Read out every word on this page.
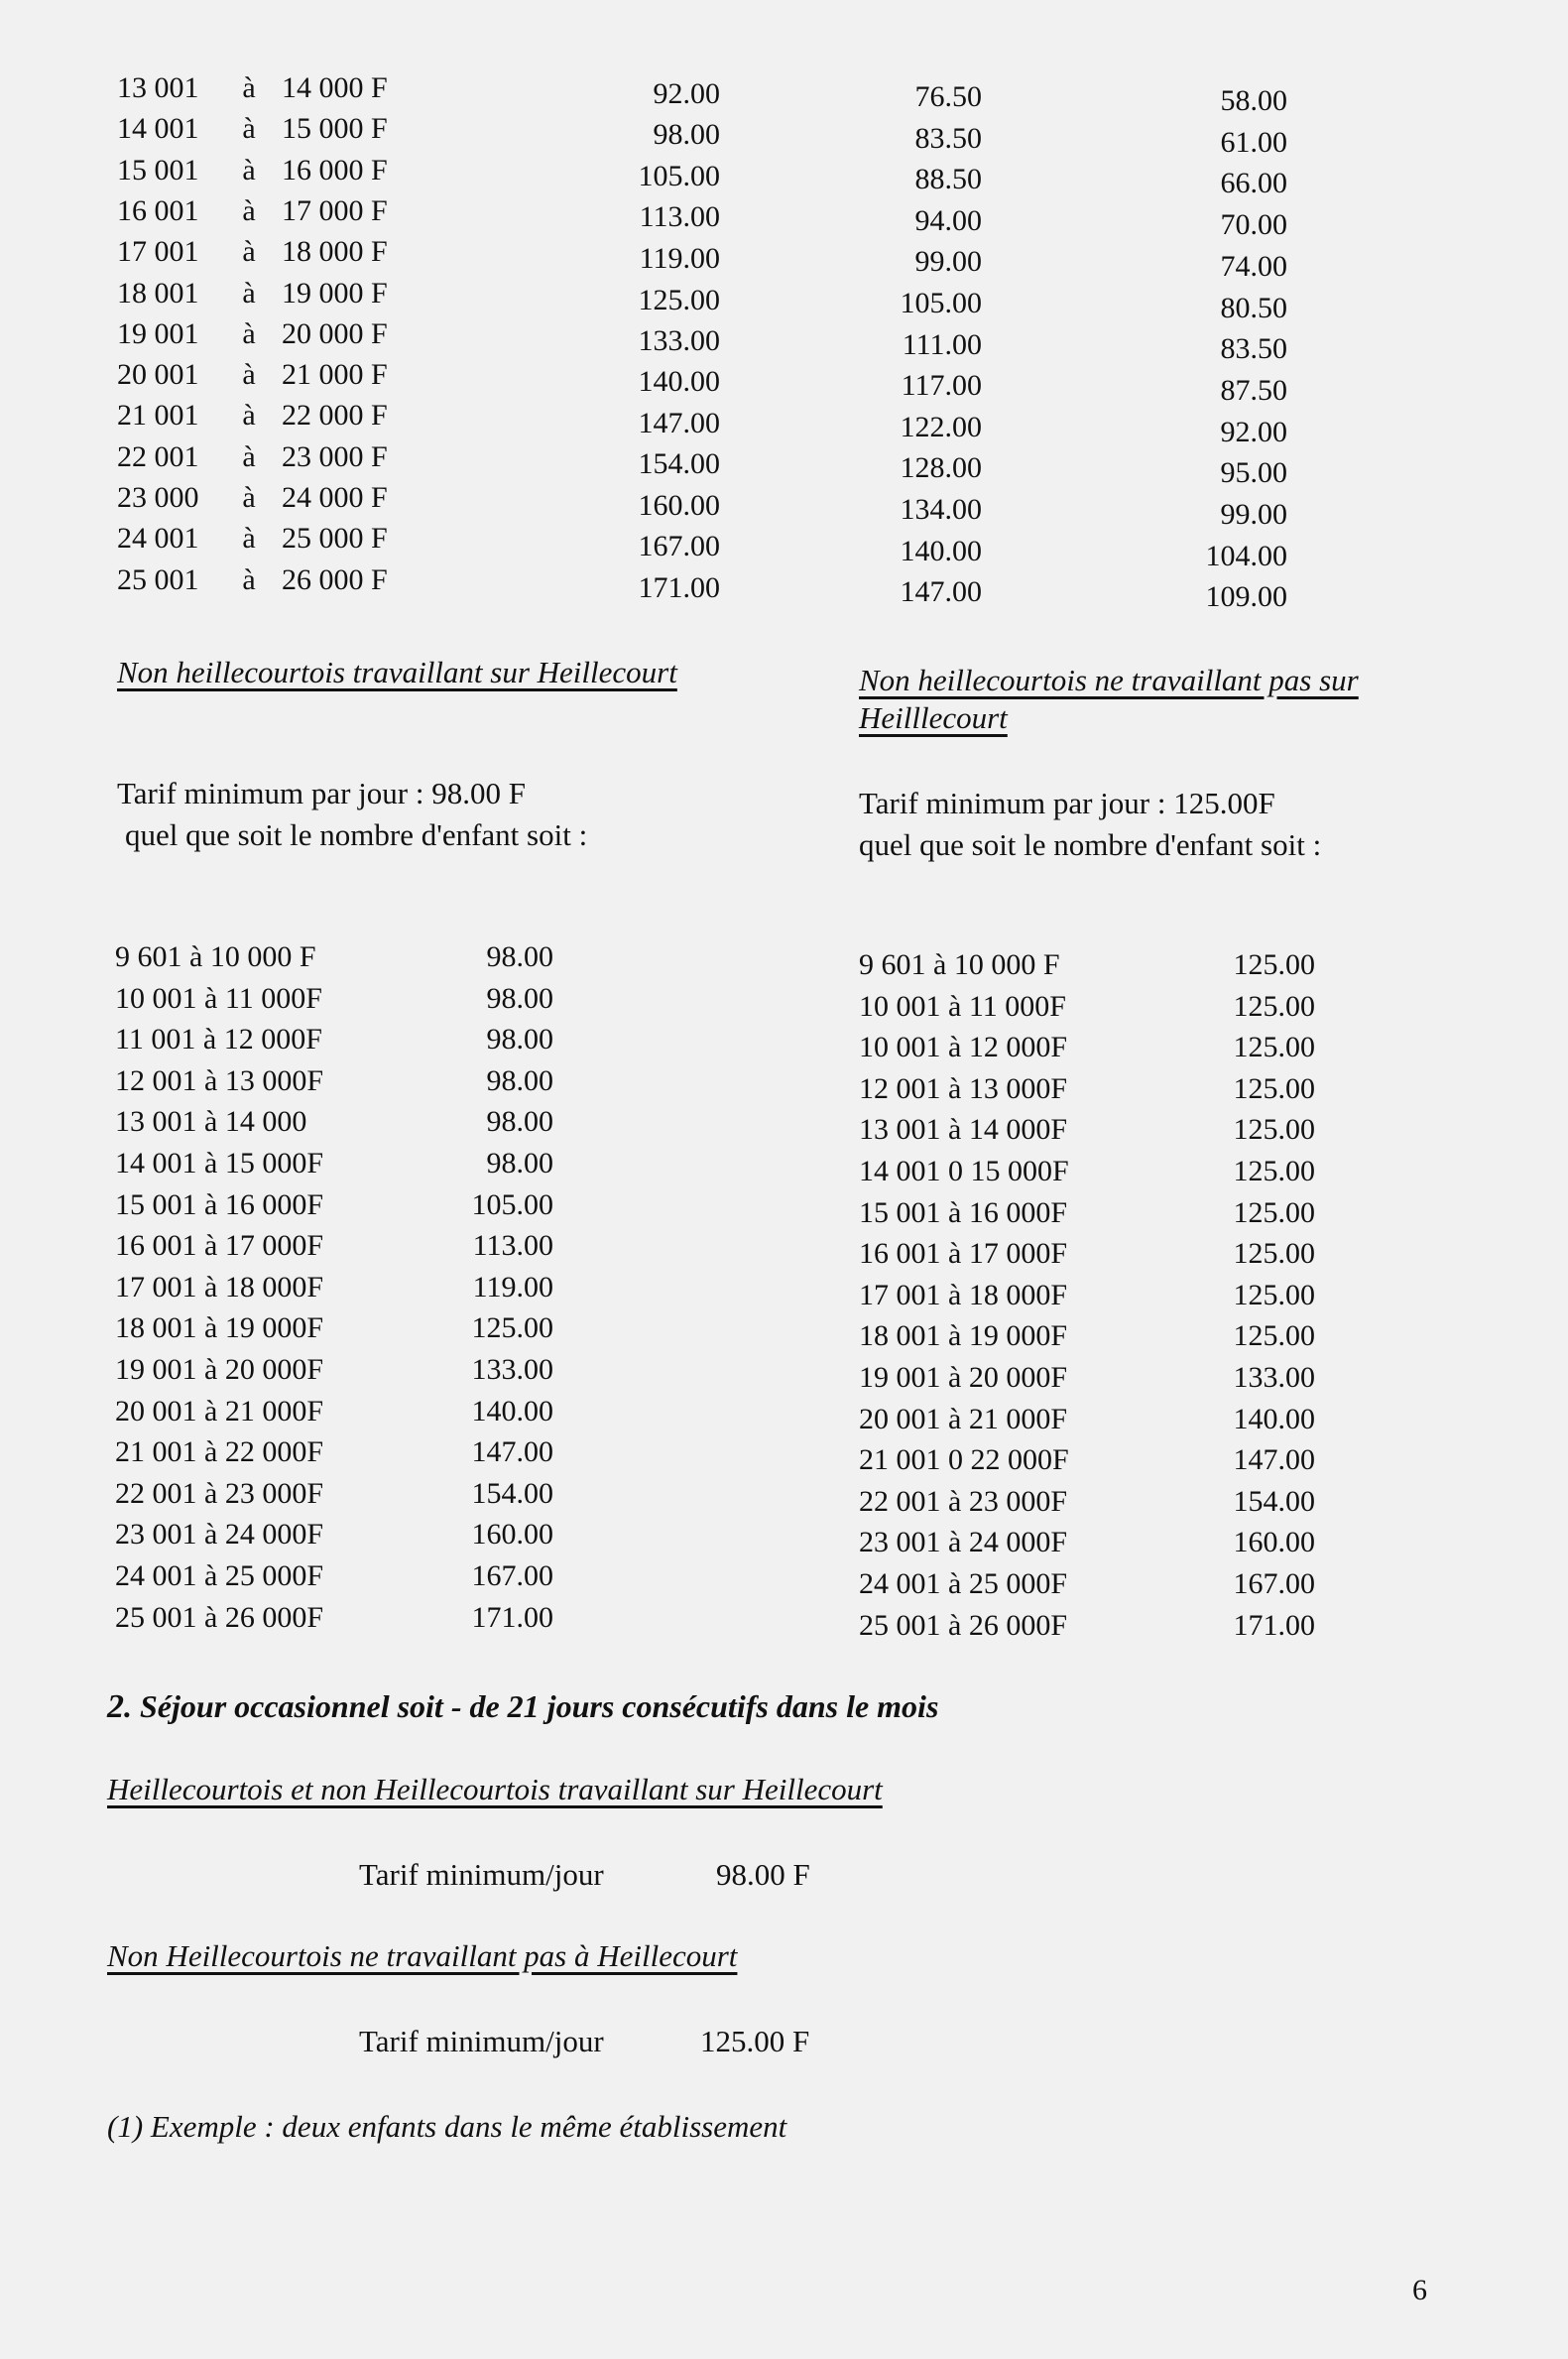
13 001 à 14 000 F	92.00	76.50	58.00
14 001 à 15 000 F	98.00	83.50	61.00
15 001 à 16 000 F	105.00	88.50	66.00
16 001 à 17 000 F	113.00	94.00	70.00
17 001 à 18 000 F	119.00	99.00	74.00
18 001 à 19 000 F	125.00	105.00	80.50
19 001 à 20 000 F	133.00	111.00	83.50
20 001 à 21 000 F	140.00	117.00	87.50
21 001 à 22 000 F	147.00	122.00	92.00
22 001 à 23 000 F	154.00	128.00	95.00
23 000 à 24 000 F	160.00	134.00	99.00
24 001 à 25 000 F	167.00	140.00	104.00
25 001 à 26 000 F	171.00	147.00	109.00
Non heillecourtois travaillant sur Heillecourt	Non heillecourtois ne travaillant pas sur
Heilllecourt
Tarif minimum par jour : 98.00 F
quel que soit le nombre d'enfant soit :
Tarif minimum par jour : 125.00F
quel que soit le nombre d'enfant soit :
9 601 à 10 000 F	98.00
10 001 à 11 000F	98.00
11 001 à 12 000F	98.00
12 001 à 13 000F	98.00
13 001 à 14 000	98.00
14 001 à 15 000F	98.00
15 001 à 16 000F	105.00
16 001 à 17 000F	113.00
17 001 à 18 000F	119.00
18 001 à 19 000F	125.00
19 001 à 20 000F	133.00
20 001 à 21 000F	140.00
21 001 à 22 000F	147.00
22 001 à 23 000F	154.00
23 001 à 24 000F	160.00
24 001 à 25 000F	167.00
25 001 à 26 000F	171.00
9 601 à 10 000 F	125.00
10 001 à 11 000F	125.00
10 001 à 12 000F	125.00
12 001 à 13 000F	125.00
13 001 à 14 000F	125.00
14 001 0 15 000F	125.00
15 001 à 16 000F	125.00
16 001 à 17 000F	125.00
17 001 à 18 000F	125.00
18 001 à 19 000F	125.00
19 001 à 20 000F	133.00
20 001 à 21 000F	140.00
21 001 0 22 000F	147.00
22 001 à 23 000F	154.00
23 001 à 24 000F	160.00
24 001 à 25 000F	167.00
25 001 à 26 000F	171.00
2. Séjour occasionnel soit - de 21 jours consécutifs dans le mois
Heillecourtois et non Heillecourtois travaillant sur Heillecourt
Tarif minimum/jour	98.00 F
Non Heillecourtois ne travaillant pas à Heillecourt
Tarif minimum/jour	125.00 F
(1) Exemple : deux enfants dans le même établissement
6
